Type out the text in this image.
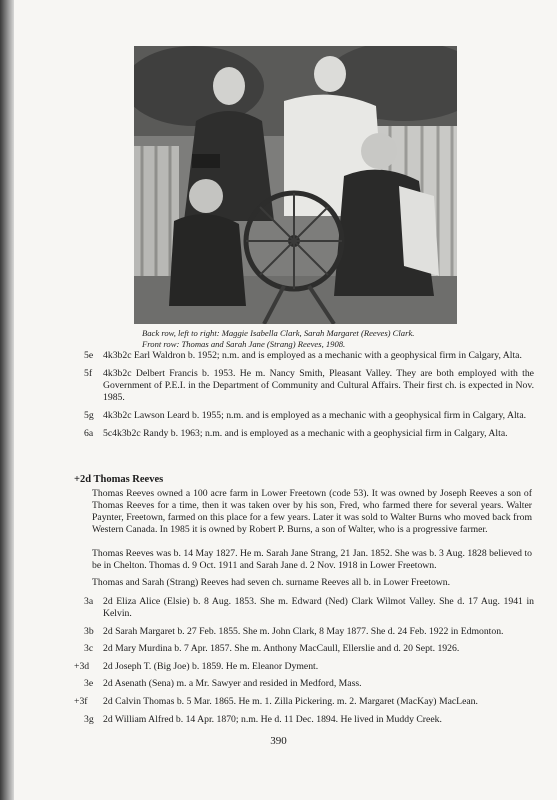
Back row, left to right: Maggie Isabella Clark, Sarah Margaret (Reeves) Clark.
Front row: Thomas and Sarah Jane (Strang) Reeves, 1908.
5e 4k3b2c Earl Waldron b. 1952; n.m. and is employed as a mechanic with a geophysical firm in Calgary, Alta.
5f 4k3b2c Delbert Francis b. 1953. He m. Nancy Smith, Pleasant Valley. They are both employed with the Government of P.E.I. in the Department of Community and Cultural Affairs. Their first ch. is expected in Nov. 1985.
5g 4k3b2c Lawson Leard b. 1955; n.m. and is employed as a mechanic with a geophysical firm in Calgary, Alta.
6a 5c4k3b2c Randy b. 1963; n.m. and is employed as a mechanic with a geophysicial firm in Calgary, Alta.
+2d Thomas Reeves
Thomas Reeves owned a 100 acre farm in Lower Freetown (code 53). It was owned by Joseph Reeves a son of Thomas Reeves for a time, then it was taken over by his son, Fred, who farmed there for several years. Walter Paynter, Freetown, farmed on this place for a few years. Later it was sold to Walter Burns who moved back from Western Canada. In 1985 it is owned by Robert P. Burns, a son of Walter, who is a progressive farmer.
Thomas Reeves was b. 14 May 1827. He m. Sarah Jane Strang, 21 Jan. 1852. She was b. 3 Aug. 1828 believed to be in Chelton. Thomas d. 9 Oct. 1911 and Sarah Jane d. 2 Nov. 1918 in Lower Freetown.
Thomas and Sarah (Strang) Reeves had seven ch. surname Reeves all b. in Lower Freetown.
3a 2d Eliza Alice (Elsie) b. 8 Aug. 1853. She m. Edward (Ned) Clark Wilmot Valley. She d. 17 Aug. 1941 in Kelvin.
3b 2d Sarah Margaret b. 27 Feb. 1855. She m. John Clark, 8 May 1877. She d. 24 Feb. 1922 in Edmonton.
3c 2d Mary Murdina b. 7 Apr. 1857. She m. Anthony MacCaull, Ellerslie and d. 20 Sept. 1926.
+3d 2d Joseph T. (Big Joe) b. 1859. He m. Eleanor Dyment.
3e 2d Asenath (Sena) m. a Mr. Sawyer and resided in Medford, Mass.
+3f 2d Calvin Thomas b. 5 Mar. 1865. He m. 1. Zilla Pickering. m. 2. Margaret (MacKay) MacLean.
3g 2d William Alfred b. 14 Apr. 1870; n.m. He d. 11 Dec. 1894. He lived in Muddy Creek.
390
